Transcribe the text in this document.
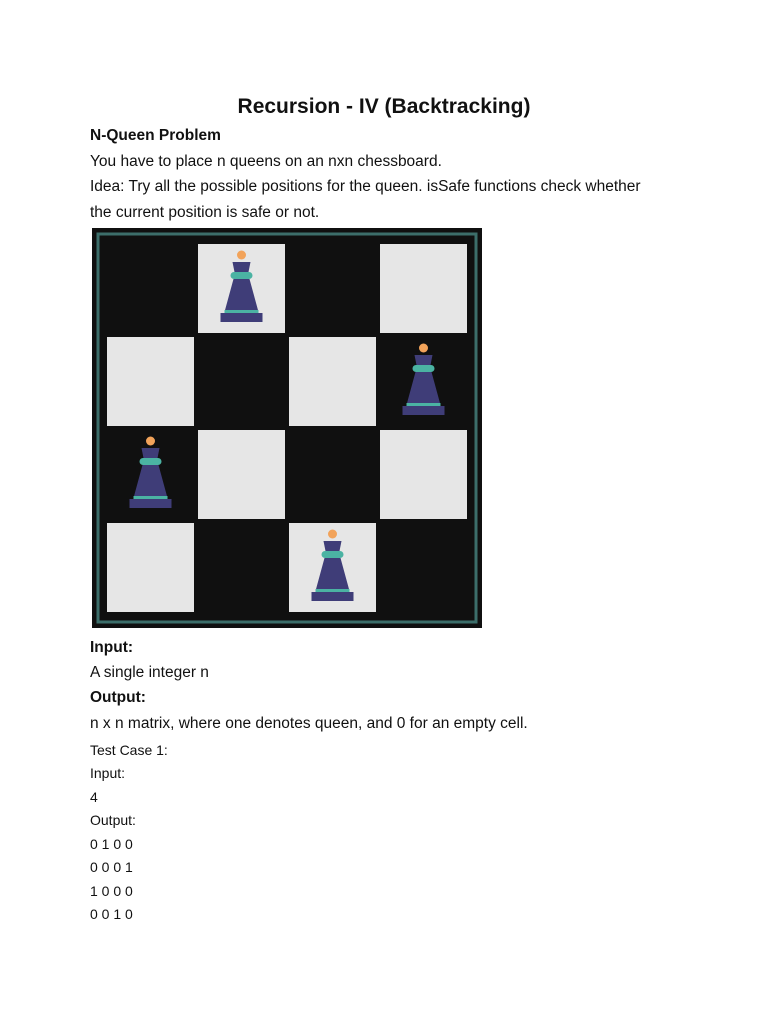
Recursion - IV (Backtracking)

N-Queen Problem

You have to place n queens on an nxn chessboard.

Idea: Try all the possible positions for the queen. isSafe functions check whether

the current position is safe or not.

Input:

A single integer n

Output:

n x n matrix, where one denotes queen, and 0 for an empty cell.

Test Case 1:

Input:

4

Output:

0 1 0 0

0 0 0 1

1 0 0 0

0 0 1 0
